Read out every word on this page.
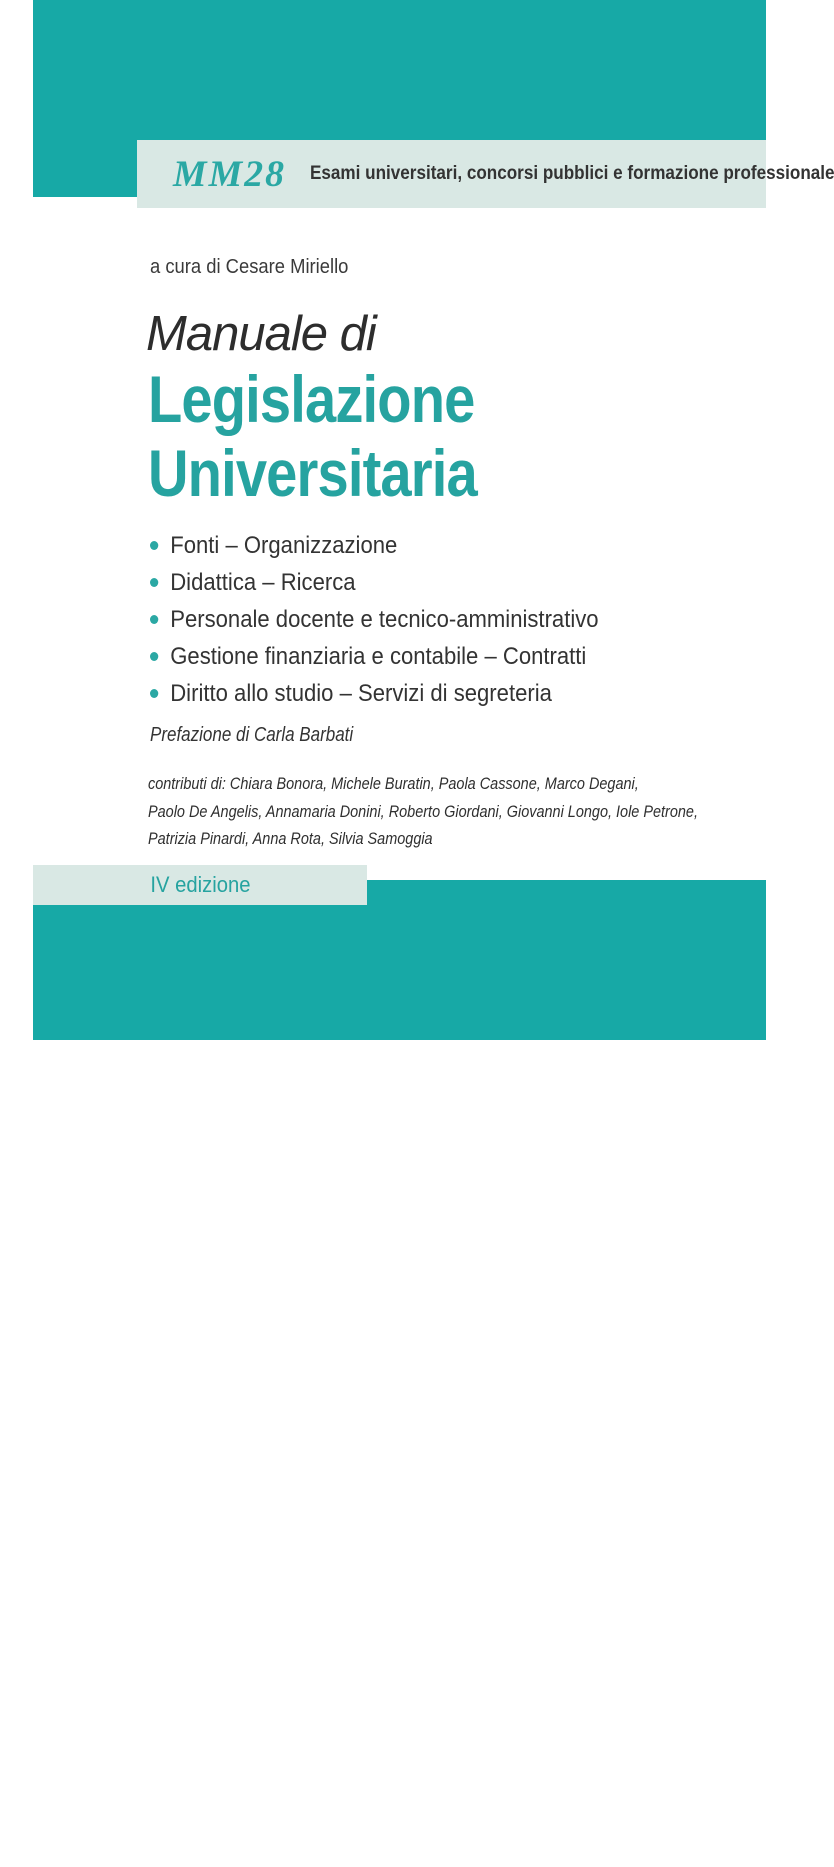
MM28 Esami universitari, concorsi pubblici e formazione professionale
a cura di Cesare Miriello
Manuale di
Legislazione
Universitaria
Fonti – Organizzazione
Didattica – Ricerca
Personale docente e tecnico-amministrativo
Gestione finanziaria e contabile – Contratti
Diritto allo studio – Servizi di segreteria
Prefazione di Carla Barbati
contributi di: Chiara Bonora, Michele Buratin, Paola Cassone, Marco Degani,
Paolo De Angelis, Annamaria Donini, Roberto Giordani, Giovanni Longo, Iole Petrone,
Patrizia Pinardi, Anna Rota, Silvia Samoggia
MAGGIOLI
EDITORE
IV edizione
